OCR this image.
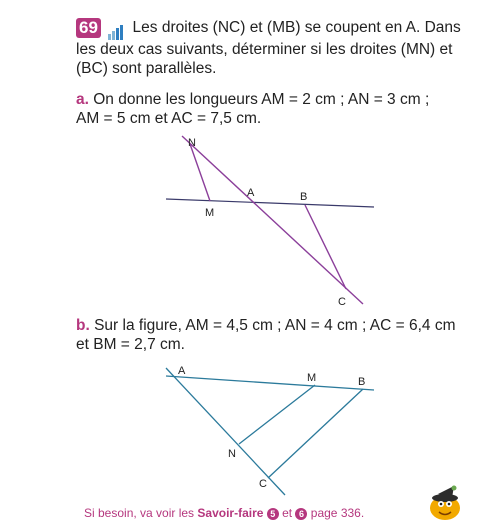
69 Les droites (NC) et (MB) se coupent en A. Dans les deux cas suivants, déterminer si les droites (MN) et (BC) sont parallèles.

a. On donne les longueurs AM = 2 cm ; AN = 3 cm ;

AM = 5 cm et AC = 7,5 cm.

N
A	B
M
C

b. Sur la figure, AM = 4,5 cm ; AN = 4 cm ; AC = 6,4 cm

et BM = 2,7 cm.

A
M	B
N
C
Si besoin, va voir les Savoir-faire 5 et 6 page 336.
